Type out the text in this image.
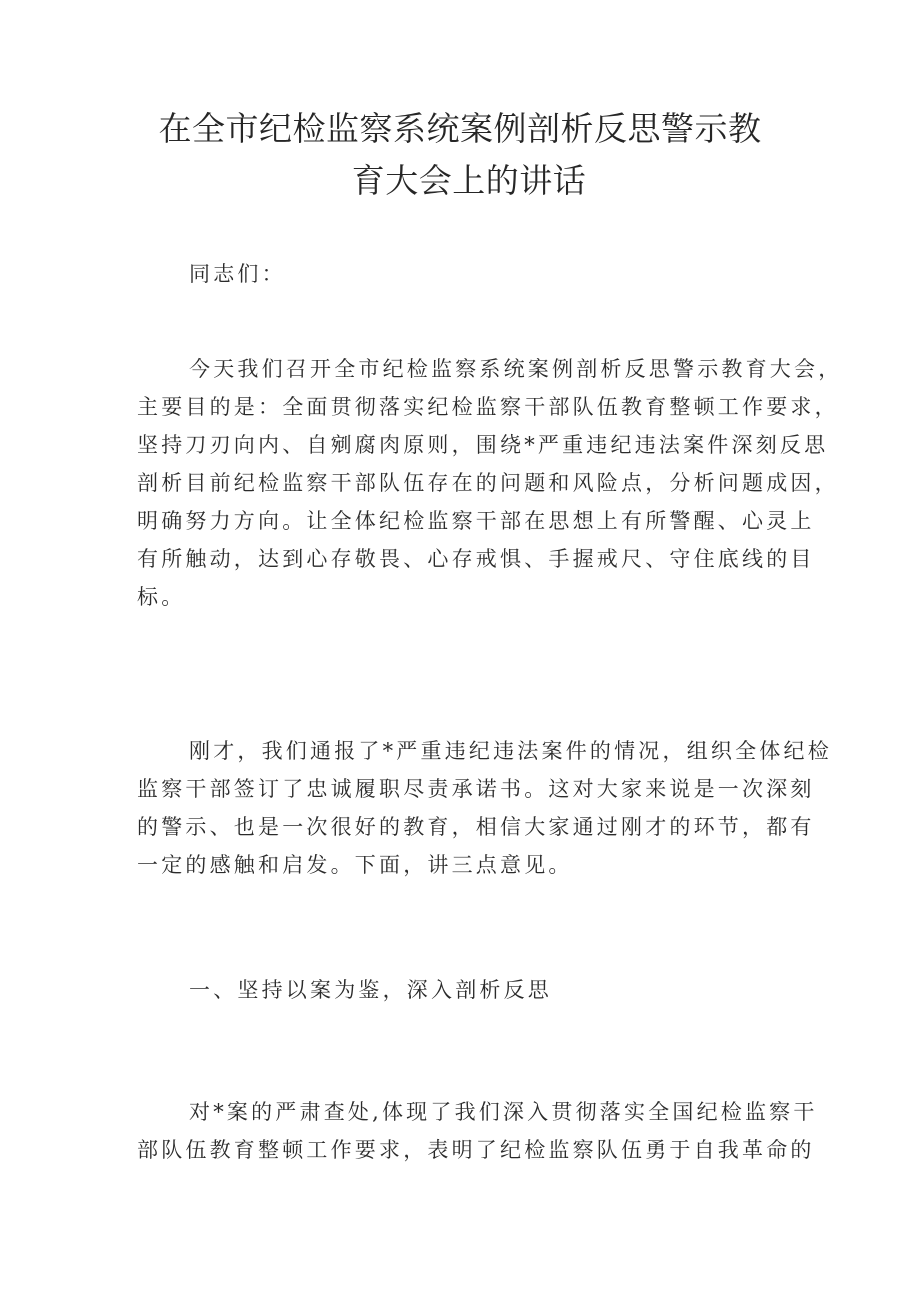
在全市纪检监察系统案例剖析反思警示教
育大会上的讲话
同志们：
今天我们召开全市纪检监察系统案例剖析反思警示教育大会，
主要目的是：全面贯彻落实纪检监察干部队伍教育整顿工作要求，
坚持刀刃向内、自剜腐肉原则，围绕*严重违纪违法案件深刻反思
剖析目前纪检监察干部队伍存在的问题和风险点，分析问题成因，
明确努力方向。让全体纪检监察干部在思想上有所警醒、心灵上
有所触动，达到心存敬畏、心存戒惧、手握戒尺、守住底线的目
标。
刚才，我们通报了*严重违纪违法案件的情况，组织全体纪检
监察干部签订了忠诚履职尽责承诺书。这对大家来说是一次深刻
的警示、也是一次很好的教育，相信大家通过刚才的环节，都有
一定的感触和启发。下面，讲三点意见。
一、坚持以案为鉴，深入剖析反思
对*案的严肃查处,体现了我们深入贯彻落实全国纪检监察干
部队伍教育整顿工作要求，表明了纪检监察队伍勇于自我革命的
